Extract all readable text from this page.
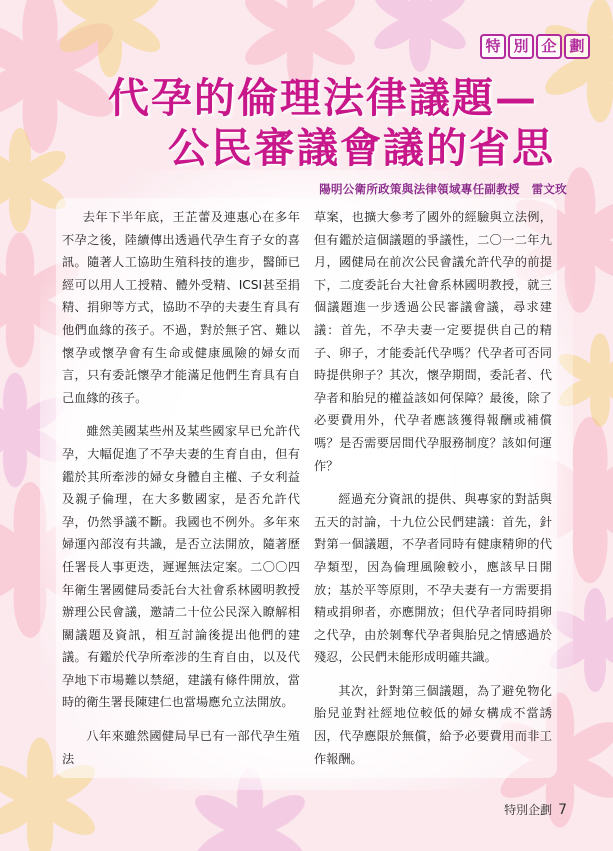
特 別 企 劃
代孕的倫理法律議題—
公民審議會議的省思
陽明公衛所政策與法律領域專任副教授　雷文玫

去年下半年底，王芷蕾及連惠心在多年不孕之後，陸續傳出透過代孕生育子女的喜訊。隨著人工協助生殖科技的進步，醫師已經可以用人工授精、體外受精、ICSI甚至捐精、捐卵等方式，協助不孕的夫妻生育具有他們血緣的孩子。不過，對於無子宮、難以懷孕或懷孕會有生命或健康風險的婦女而言，只有委託懷孕才能滿足他們生育具有自己血緣的孩子。

雖然美國某些州及某些國家早已允許代孕，大幅促進了不孕夫妻的生育自由，但有鑑於其所牽涉的婦女身體自主權、子女利益及親子倫理，在大多數國家，是否允許代孕，仍然爭議不斷。我國也不例外。多年來婦運內部沒有共識，是否立法開放，隨著歷任署長人事更迭，遲遲無法定案。二〇〇四年衛生署國健局委託台大社會系林國明教授辦理公民會議，邀請二十位公民深入瞭解相關議題及資訊，相互討論後提出他們的建議。有鑑於代孕所牽涉的生育自由，以及代孕地下市場難以禁絕，建議有條件開放，當時的衛生署長陳建仁也當場應允立法開放。

八年來雖然國健局早已有一部代孕生殖法

草案，也擴大參考了國外的經驗與立法例，但有鑑於這個議題的爭議性，二〇一二年九月，國健局在前次公民會議允許代孕的前提下，二度委託台大社會系林國明教授，就三個議題進一步透過公民審議會議，尋求建議：首先，不孕夫妻一定要提供自己的精子、卵子，才能委託代孕嗎？代孕者可否同時提供卵子？其次，懷孕期間，委託者、代孕者和胎兒的權益該如何保障？最後，除了必要費用外，代孕者應該獲得報酬或補償嗎？是否需要居間代孕服務制度？該如何運作？

經過充分資訊的提供、與專家的對話與五天的討論，十九位公民們建議：首先，針對第一個議題，不孕者同時有健康精卵的代孕類型，因為倫理風險較小，應該早日開放；基於平等原則，不孕夫妻有一方需要捐精或捐卵者，亦應開放；但代孕者同時捐卵之代孕，由於剝奪代孕者與胎兒之情感過於殘忍，公民們未能形成明確共識。

其次，針對第三個議題，為了避免物化胎兒並對社經地位較低的婦女構成不當誘因，代孕應限於無償，給予必要費用而非工作報酬。

特別企劃 7
